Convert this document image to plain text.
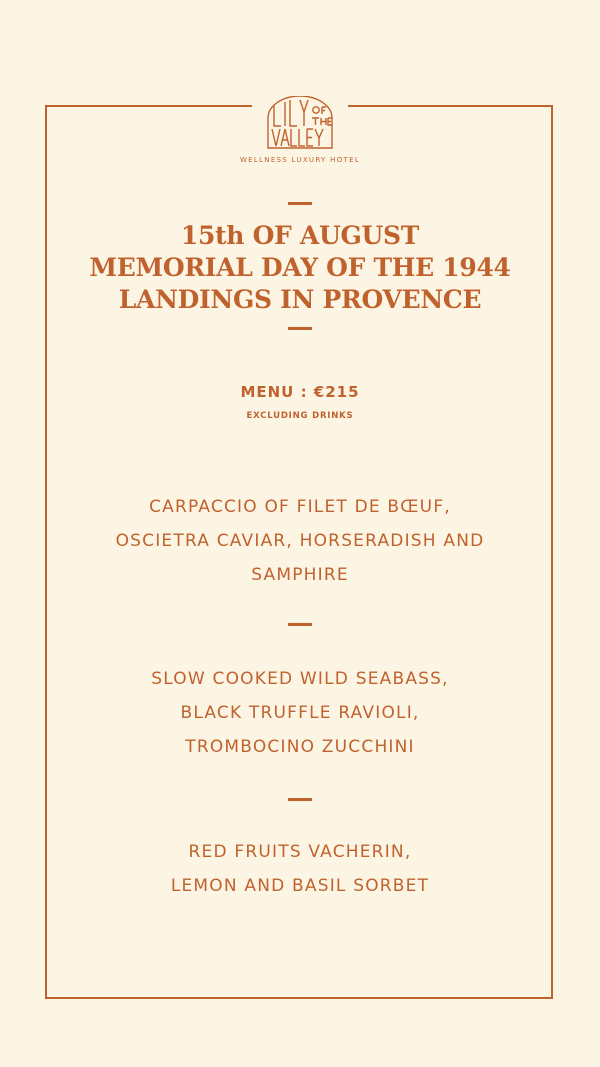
WELLNESS LUXURY HOTEL
15th OF AUGUST
MEMORIAL DAY OF THE 1944
LANDINGS IN PROVENCE
MENU : €215
EXCLUDING DRINKS
CARPACCIO OF FILET DE BŒUF,
OSCIETRA CAVIAR, HORSERADISH AND
SAMPHIRE
SLOW COOKED WILD SEABASS,
BLACK TRUFFLE RAVIOLI,
TROMBOCINO ZUCCHINI
RED FRUITS VACHERIN,
LEMON AND BASIL SORBET
